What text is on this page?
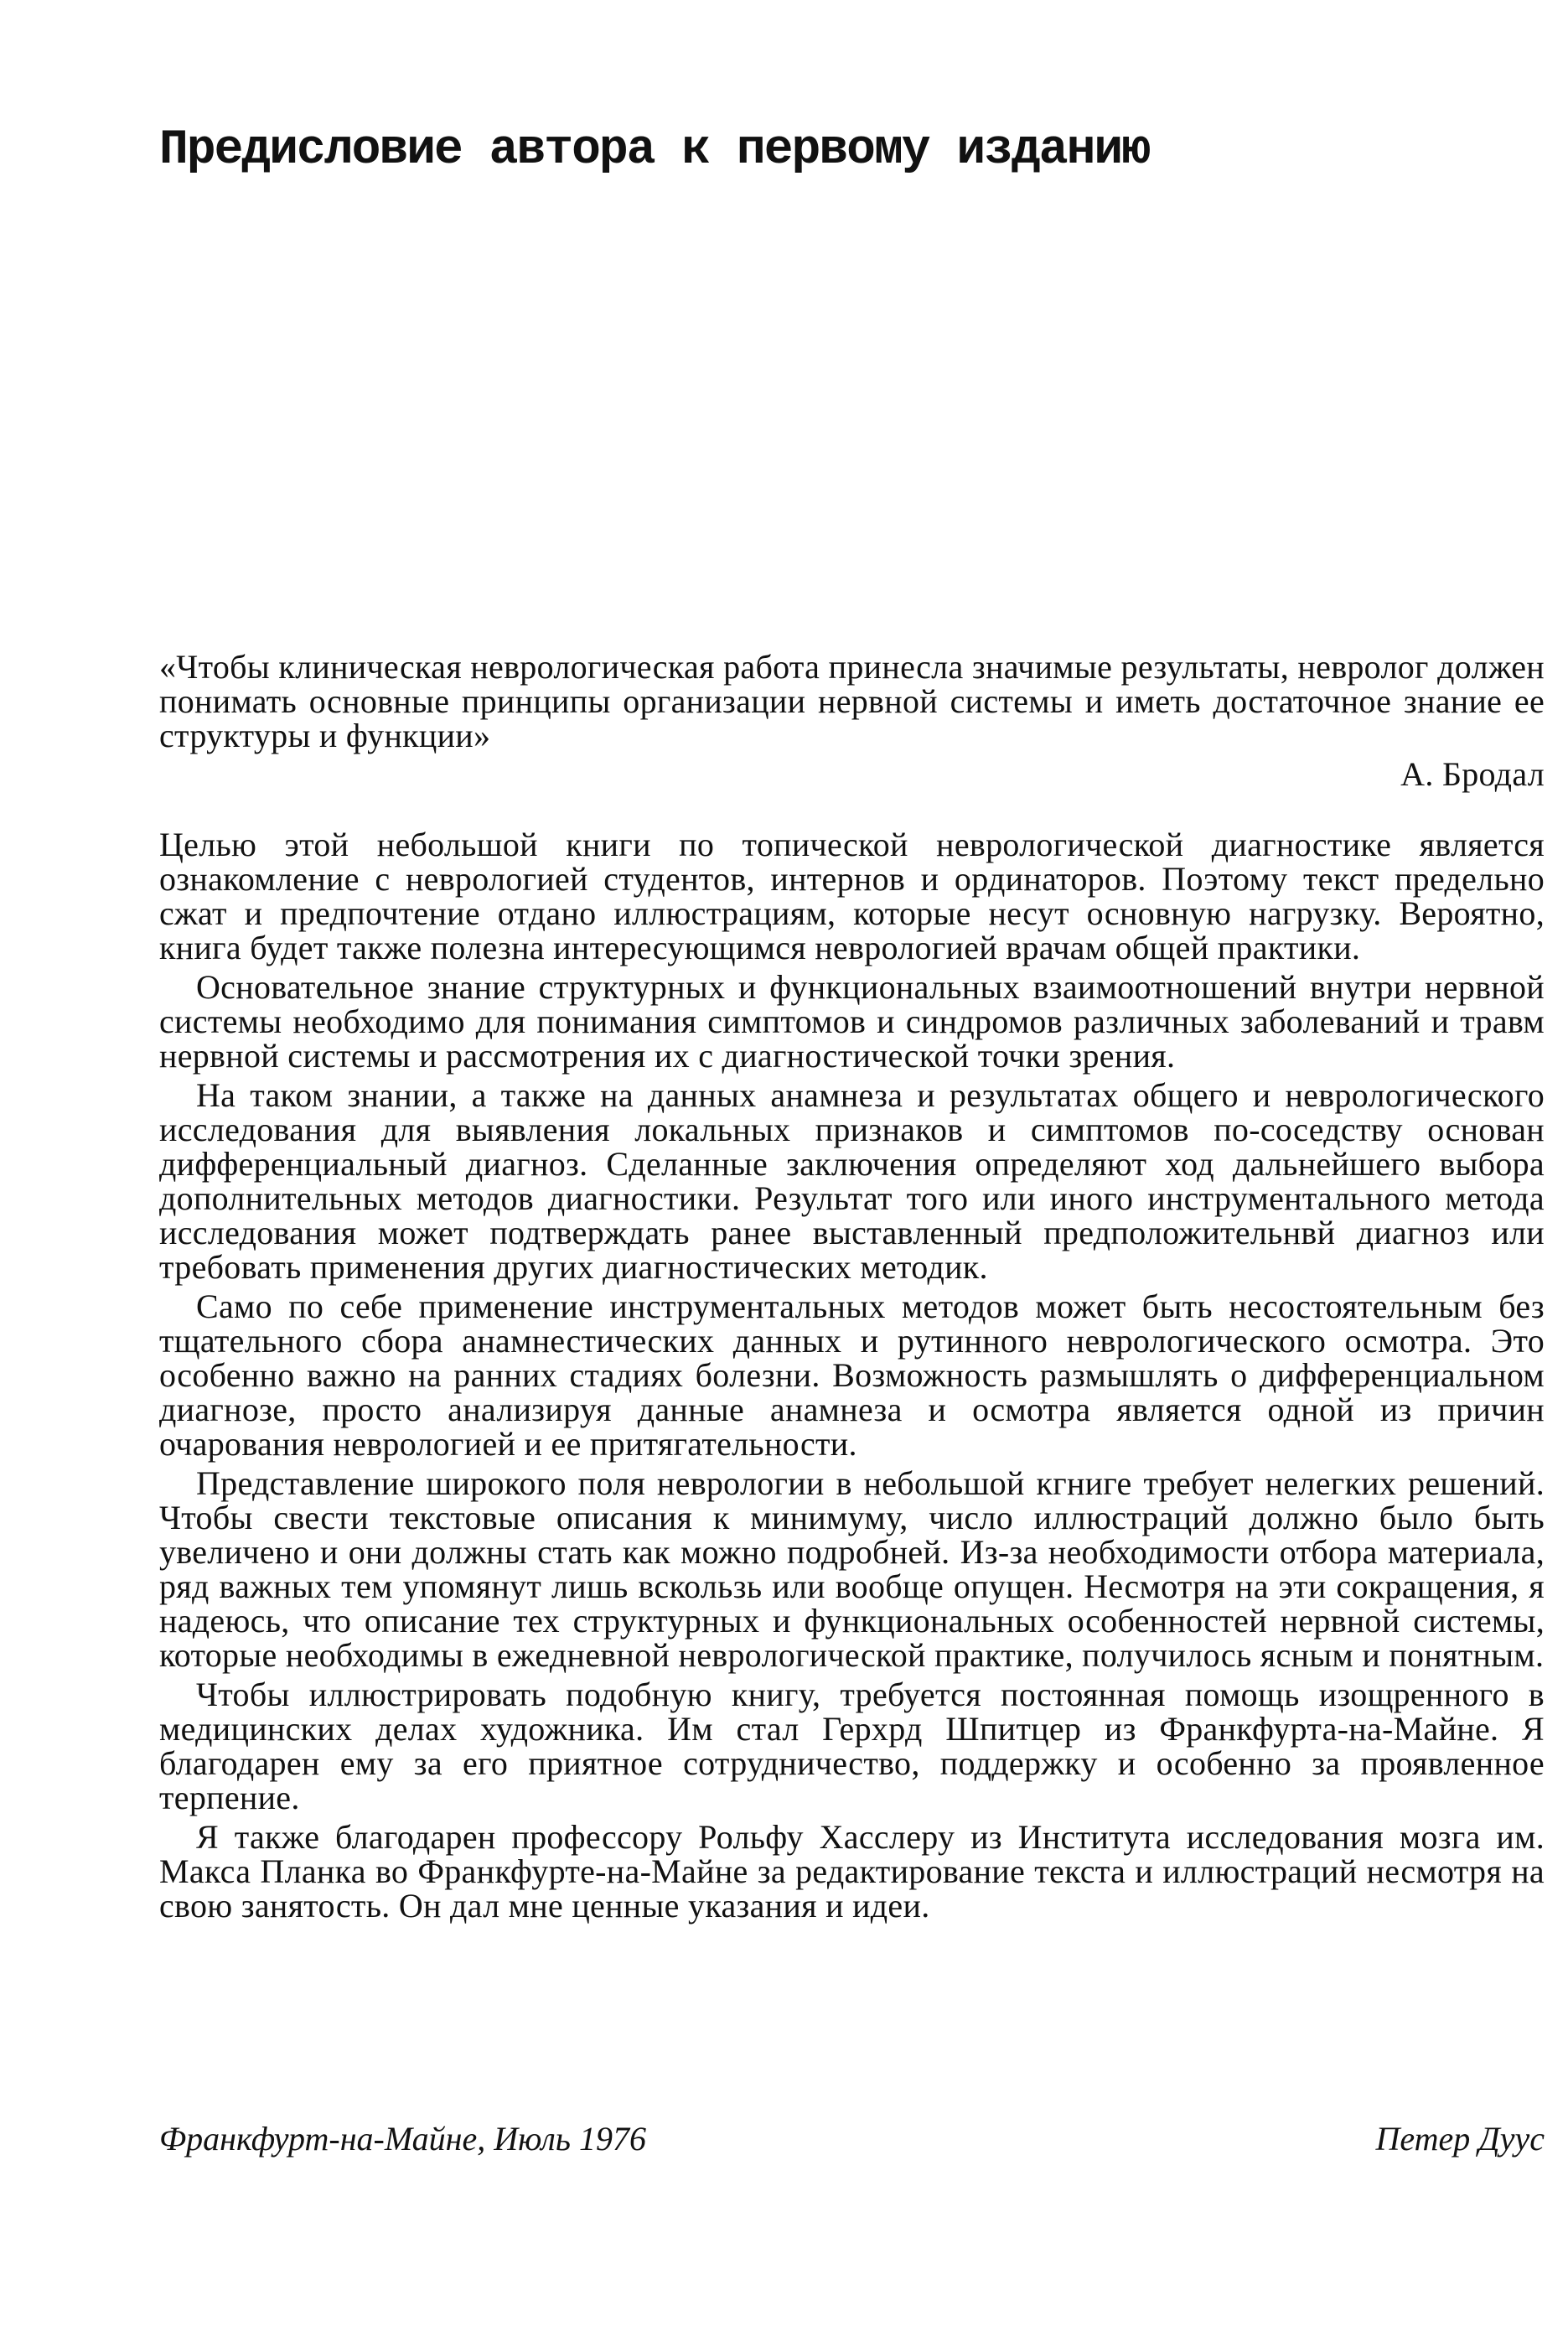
Предисловие автора к первому изданию

«Чтобы клиническая неврологическая работа принесла значимые результаты, невролог должен понимать основные принципы организации нервной системы и иметь достаточное знание ее структуры и функции»

А. Бродал

Целью этой небольшой книги по топической неврологической диагностике является ознакомление с неврологией студентов, интернов и ординаторов. Поэтому текст предельно сжат и предпочтение отдано иллюстрациям, которые несут основную нагрузку. Вероятно, книга будет также полезна интересующимся неврологией врачам общей практики.

Основательное знание структурных и функциональных взаимоотношений внутри нервной системы необходимо для понимания симптомов и синдромов различных заболеваний и травм нервной системы и рассмотрения их с диагностической точки зрения.

На таком знании, а также на данных анамнеза и результатах общего и неврологического исследования для выявления локальных признаков и симптомов по-соседству основан дифференциальный диагноз. Сделанные заключения определяют ход дальнейшего выбора дополнительных методов диагностики. Результат того или иного инструментального метода исследования может подтверждать ранее выставленный предположительнвй диагноз или требовать применения других диагностических методик.

Само по себе применение инструментальных методов может быть несостоятельным без тщательного сбора анамнестических данных и рутинного неврологического осмотра. Это особенно важно на ранних стадиях болезни. Возможность размышлять о дифференциальном диагнозе, просто анализируя данные анамнеза и осмотра является одной из причин очарования неврологией и ее притягательности.

Представление широкого поля неврологии в небольшой кгниге требует нелегких решений. Чтобы свести текстовые описания к минимуму, число иллюстраций должно было быть увеличено и они должны стать как можно подробней. Из-за необходимости отбора материала, ряд важных тем упомянут лишь вскользь или вообще опущен. Несмотря на эти сокращения, я надеюсь, что описание тех структурных и функциональных особенностей нервной системы, которые необходимы в ежедневной неврологической практике, получилось ясным и понятным.

Чтобы иллюстрировать подобную книгу, требуется постоянная помощь изощренного в медицинских делах художника. Им стал Герхрд Шпитцер из Франкфурта-на-Майне. Я благодарен ему за его приятное сотрудничество, поддержку и особенно за проявленное терпение.

Я также благодарен профессору Рольфу Хасслеру из Института исследования мозга им. Макса Планка во Франкфурте-на-Майне за редактирование текста и иллюстраций несмотря на свою занятость. Он дал мне ценные указания и идеи.

Франкфурт-на-Майне, Июль 1976	Петер Дуус
